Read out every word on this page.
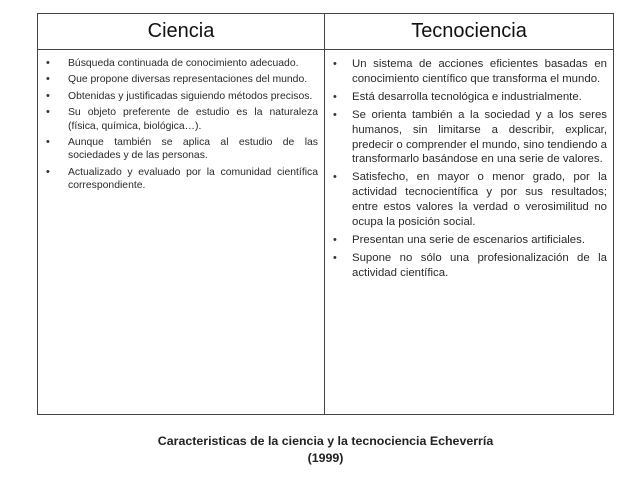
Ciencia	Tecnociencia
• Búsqueda continuada de conocimiento adecuado.
• Que propone diversas representaciones del mundo.
• Obtenidas y justificadas siguiendo métodos precisos.
• Su objeto preferente de estudio es la naturaleza (física, química, biológica…).
• Aunque también se aplica al estudio de las sociedades y de las personas.
• Actualizado y evaluado por la comunidad científica correspondiente.
• Un sistema de acciones eficientes basadas en conocimiento científico que transforma el mundo.
• Está desarrolla tecnológica e industrialmente.
• Se orienta también a la sociedad y a los seres humanos, sin limitarse a describir, explicar, predecir o comprender el mundo, sino tendiendo a transformarlo basándose en una serie de valores.
• Satisfecho, en mayor o menor grado, por la actividad tecnocientífica y por sus resultados; entre estos valores la verdad o verosimilitud no ocupa la posición social.
• Presentan una serie de escenarios artificiales.
• Supone no sólo una profesionalización de la actividad científica.
Caracteristicas de la ciencia y la tecnociencia Echeverría
(1999)
